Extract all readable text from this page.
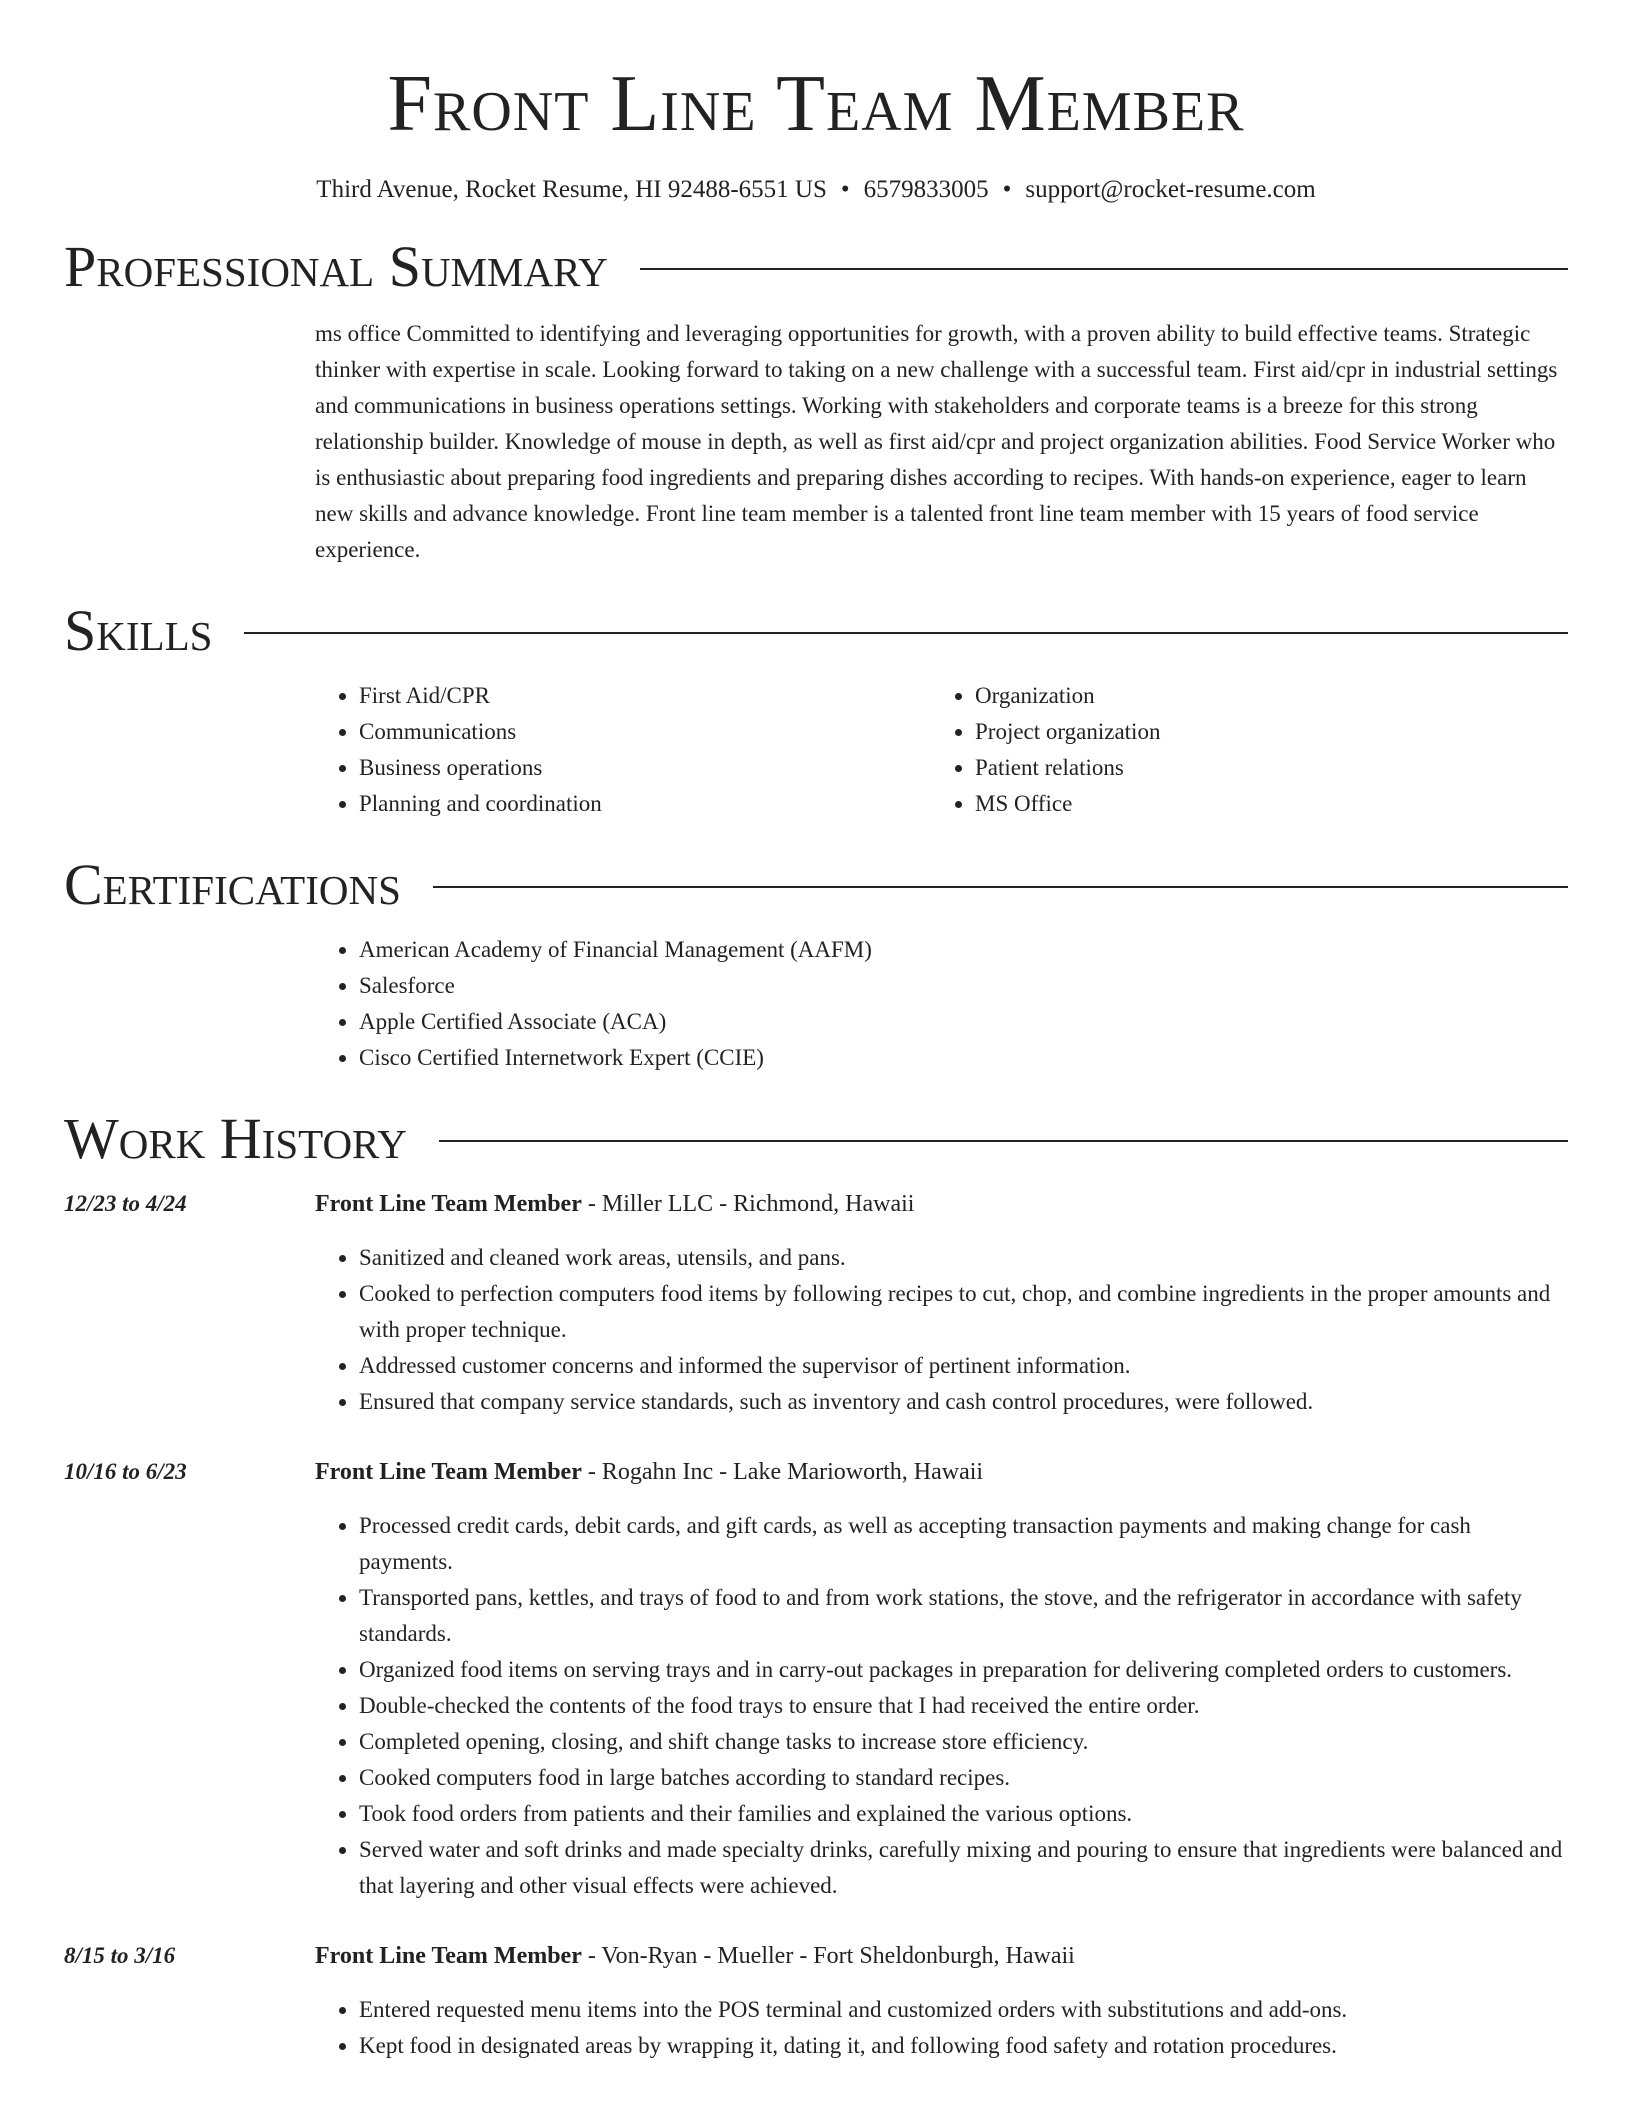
Front Line Team Member
Third Avenue, Rocket Resume, HI 92488-6551 US • 6579833005 • support@rocket-resume.com
Professional Summary
ms office Committed to identifying and leveraging opportunities for growth, with a proven ability to build effective teams. Strategic thinker with expertise in scale. Looking forward to taking on a new challenge with a successful team. First aid/cpr in industrial settings and communications in business operations settings. Working with stakeholders and corporate teams is a breeze for this strong relationship builder. Knowledge of mouse in depth, as well as first aid/cpr and project organization abilities. Food Service Worker who is enthusiastic about preparing food ingredients and preparing dishes according to recipes. With hands-on experience, eager to learn new skills and advance knowledge. Front line team member is a talented front line team member with 15 years of food service experience.
Skills
• First Aid/CPR
• Communications
• Business operations
• Planning and coordination
• Organization
• Project organization
• Patient relations
• MS Office
Certifications
• American Academy of Financial Management (AAFM)
• Salesforce
• Apple Certified Associate (ACA)
• Cisco Certified Internetwork Expert (CCIE)
Work History
12/23 to 4/24	Front Line Team Member - Miller LLC - Richmond, Hawaii
• Sanitized and cleaned work areas, utensils, and pans.
• Cooked to perfection computers food items by following recipes to cut, chop, and combine ingredients in the proper amounts and with proper technique.
• Addressed customer concerns and informed the supervisor of pertinent information.
• Ensured that company service standards, such as inventory and cash control procedures, were followed.
10/16 to 6/23	Front Line Team Member - Rogahn Inc - Lake Marioworth, Hawaii
• Processed credit cards, debit cards, and gift cards, as well as accepting transaction payments and making change for cash payments.
• Transported pans, kettles, and trays of food to and from work stations, the stove, and the refrigerator in accordance with safety standards.
• Organized food items on serving trays and in carry-out packages in preparation for delivering completed orders to customers.
• Double-checked the contents of the food trays to ensure that I had received the entire order.
• Completed opening, closing, and shift change tasks to increase store efficiency.
• Cooked computers food in large batches according to standard recipes.
• Took food orders from patients and their families and explained the various options.
• Served water and soft drinks and made specialty drinks, carefully mixing and pouring to ensure that ingredients were balanced and that layering and other visual effects were achieved.
8/15 to 3/16	Front Line Team Member - Von-Ryan - Mueller - Fort Sheldonburgh, Hawaii
• Entered requested menu items into the POS terminal and customized orders with substitutions and add-ons.
• Kept food in designated areas by wrapping it, dating it, and following food safety and rotation procedures.
